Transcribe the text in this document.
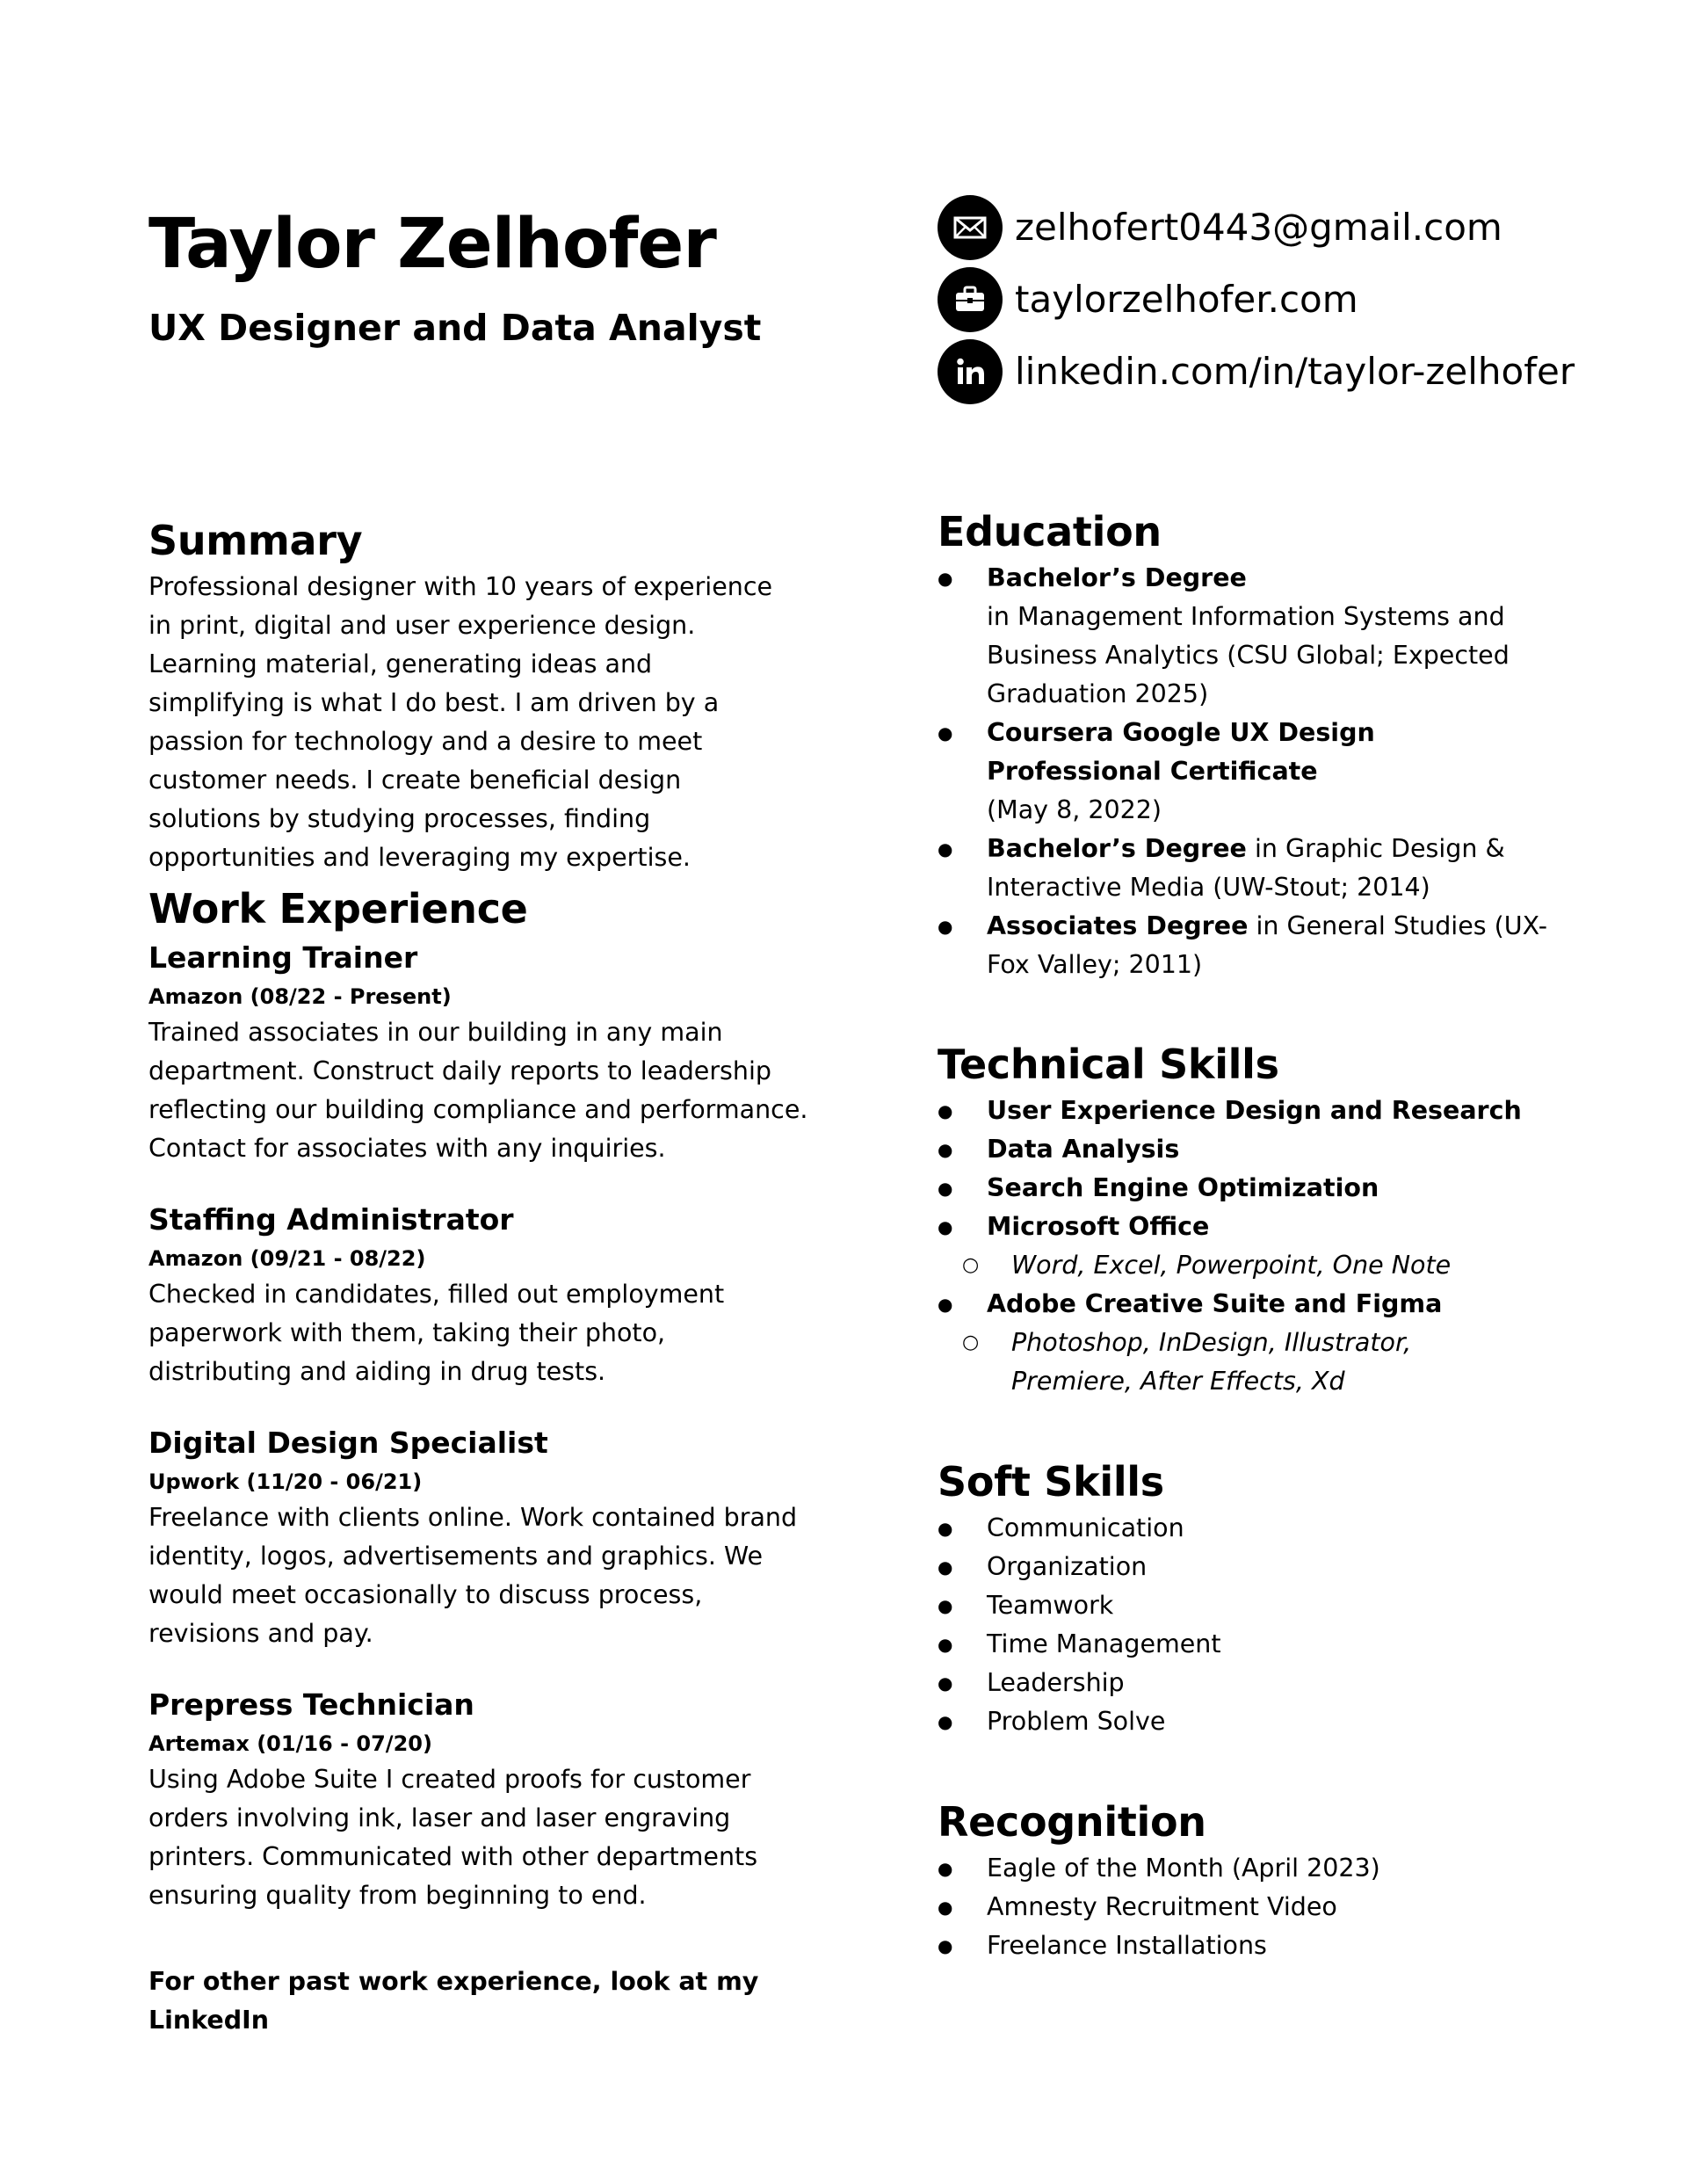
Taylor Zelhofer
UX Designer and Data Analyst
zelhofert0443@gmail.com
taylorzelhofer.com
linkedin.com/in/taylor-zelhofer
Summary
Professional designer with 10 years of experience in print, digital and user experience design. Learning material, generating ideas and simplifying is what I do best. I am driven by a passion for technology and a desire to meet customer needs. I create beneficial design solutions by studying processes, finding opportunities and leveraging my expertise.
Work Experience
Learning Trainer
Amazon (08/22 - Present)
Trained associates in our building in any main department. Construct daily reports to leadership reflecting our building compliance and performance. Contact for associates with any inquiries.
Staffing Administrator
Amazon (09/21 - 08/22)
Checked in candidates, filled out employment paperwork with them, taking their photo, distributing and aiding in drug tests.
Digital Design Specialist
Upwork (11/20 - 06/21)
Freelance with clients online. Work contained brand identity, logos, advertisements and graphics. We would meet occasionally to discuss process, revisions and pay.
Prepress Technician
Artemax (01/16 - 07/20)
Using Adobe Suite I created proofs for customer orders involving ink, laser and laser engraving printers. Communicated with other departments ensuring quality from beginning to end.
For other past work experience, look at my LinkedIn
Education
● Bachelor’s Degree
in Management Information Systems and Business Analytics (CSU Global; Expected Graduation 2025)
● Coursera Google UX Design Professional Certificate
(May 8, 2022)
● Bachelor’s Degree in Graphic Design & Interactive Media (UW-Stout; 2014)
● Associates Degree in General Studies (UX-Fox Valley; 2011)
Technical Skills
● User Experience Design and Research
● Data Analysis
● Search Engine Optimization
● Microsoft Office
○ Word, Excel, Powerpoint, One Note
● Adobe Creative Suite and Figma
○ Photoshop, InDesign, Illustrator, Premiere, After Effects, Xd
Soft Skills
● Communication
● Organization
● Teamwork
● Time Management
● Leadership
● Problem Solve
Recognition
● Eagle of the Month (April 2023)
● Amnesty Recruitment Video
● Freelance Installations
